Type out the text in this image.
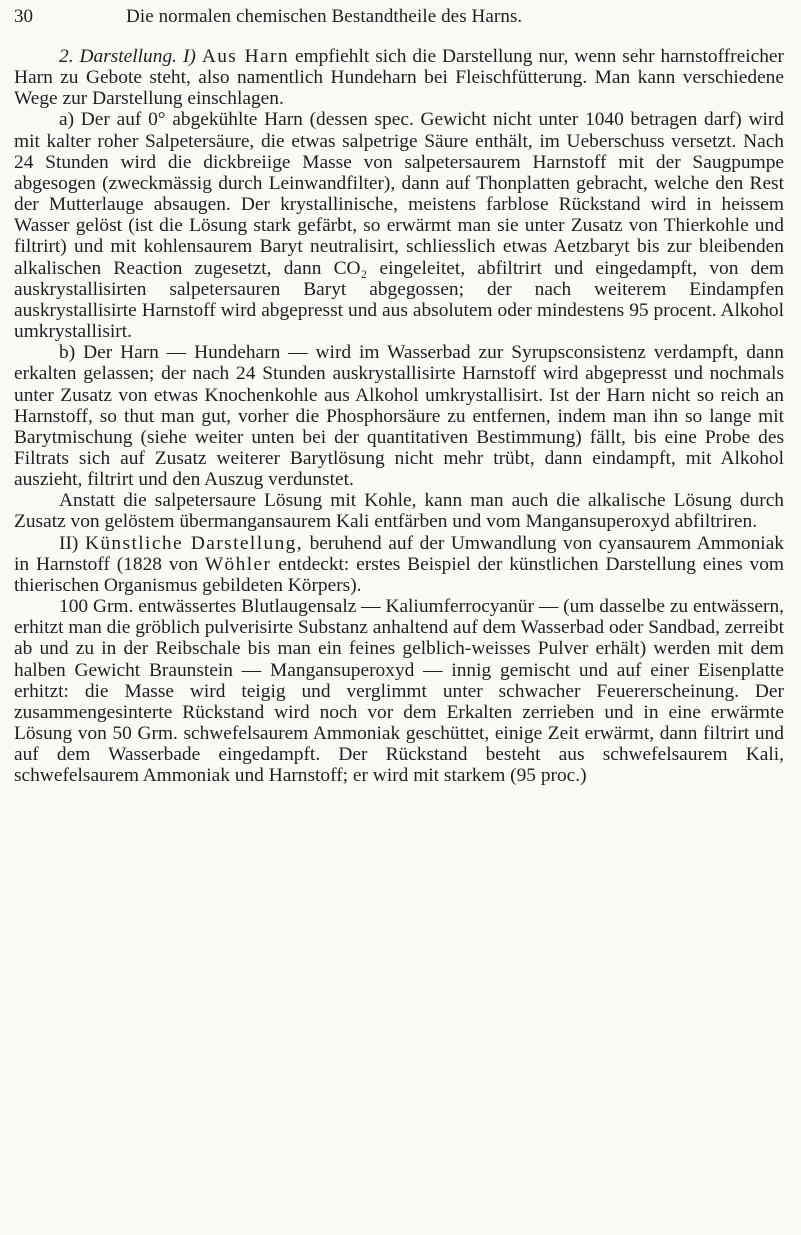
30	Die normalen chemischen Bestandtheile des Harns.

2. Darstellung. I) Aus Harn empfiehlt sich die Darstellung nur, wenn sehr harnstoffreicher Harn zu Gebote steht, also namentlich Hundeharn bei Fleischfütterung. Man kann verschiedene Wege zur Darstellung einschlagen.

a) Der auf 0° abgekühlte Harn (dessen spec. Gewicht nicht unter 1040 betragen darf) wird mit kalter roher Salpetersäure, die etwas salpetrige Säure enthält, im Ueberschuss versetzt. Nach 24 Stunden wird die dickbreiige Masse von salpetersaurem Harnstoff mit der Saugpumpe abgesogen (zweckmässig durch Leinwandfilter), dann auf Thonplatten gebracht, welche den Rest der Mutterlauge absaugen. Der krystallinische, meistens farblose Rückstand wird in heissem Wasser gelöst (ist die Lösung stark gefärbt, so erwärmt man sie unter Zusatz von Thierkohle und filtrirt) und mit kohlensaurem Baryt neutralisirt, schliesslich etwas Aetzbaryt bis zur bleibenden alkalischen Reaction zugesetzt, dann CO₂ eingeleitet, abfiltrirt und eingedampft, von dem auskrystallisirten salpetersauren Baryt abgegossen; der nach weiterem Eindampfen auskrystallisirte Harnstoff wird abgepresst und aus absolutem oder mindestens 95 procent. Alkohol umkrystallisirt.

b) Der Harn — Hundeharn — wird im Wasserbad zur Syrupsconsistenz verdampft, dann erkalten gelassen; der nach 24 Stunden auskrystallisirte Harnstoff wird abgepresst und nochmals unter Zusatz von etwas Knochenkohle aus Alkohol umkrystallisirt. Ist der Harn nicht so reich an Harnstoff, so thut man gut, vorher die Phosphorsäure zu entfernen, indem man ihn so lange mit Barytmischung (siehe weiter unten bei der quantitativen Bestimmung) fällt, bis eine Probe des Filtrats sich auf Zusatz weiterer Barytlösung nicht mehr trübt, dann eindampft, mit Alkohol auszieht, filtrirt und den Auszug verdunstet.

Anstatt die salpetersaure Lösung mit Kohle, kann man auch die alkalische Lösung durch Zusatz von gelöstem übermangansaurem Kali entfärben und vom Mangansuperoxyd abfiltriren.

II) Künstliche Darstellung, beruhend auf der Umwandlung von cyansaurem Ammoniak in Harnstoff (1828 von Wöhler entdeckt: erstes Beispiel der künstlichen Darstellung eines vom thierischen Organismus gebildeten Körpers).

100 Grm. entwässertes Blutlaugensalz — Kaliumferrocyanür — (um dasselbe zu entwässern, erhitzt man die gröblich pulverisirte Substanz anhaltend auf dem Wasserbad oder Sandbad, zerreibt ab und zu in der Reibschale bis man ein feines gelblich-weisses Pulver erhält) werden mit dem halben Gewicht Braunstein — Mangansuperoxyd — innig gemischt und auf einer Eisenplatte erhitzt: die Masse wird teigig und verglimmt unter schwacher Feuererscheinung. Der zusammengesinterte Rückstand wird noch vor dem Erkalten zerrieben und in eine erwärmte Lösung von 50 Grm. schwefelsaurem Ammoniak geschüttet, einige Zeit erwärmt, dann filtrirt und auf dem Wasserbade eingedampft. Der Rückstand besteht aus schwefelsaurem Kali, schwefelsaurem Ammoniak und Harnstoff; er wird mit starkem (95 proc.)
